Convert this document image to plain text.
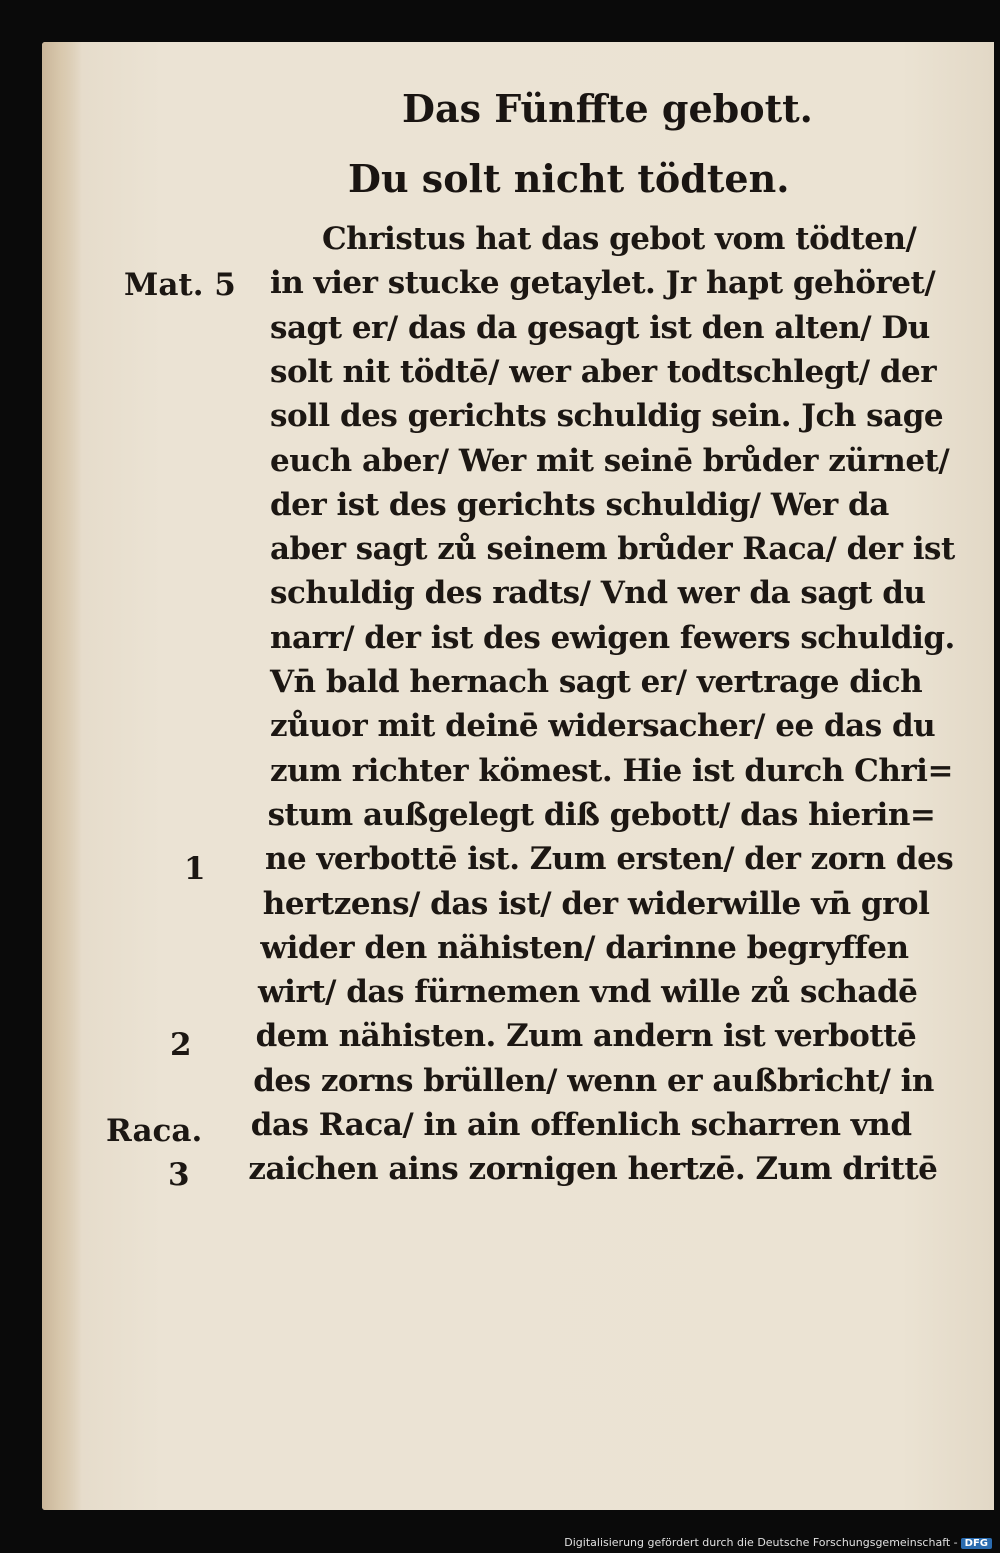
Das Fünffte gebott.
Du solt nicht tödten.
Christus hat das gebot vom tödten/
in vier stucke getaylet. Jr hapt gehöret/
sagt er/ das da gesagt ist den alten/ Du
solt nit tödtē/ wer aber todtschlegt/ der
soll des gerichts schuldig sein. Jch sage
euch aber/ Wer mit seinē brůder zürnet/
der ist des gerichts schuldig/ Wer da
aber sagt zů seinem brůder Raca/ der ist
schuldig des radts/ Vnd wer da sagt du
narr/ der ist des ewigen fewers schuldig.
Vn̄ bald hernach sagt er/ vertrage dich
zůuor mit deinē widersacher/ ee das du
zum richter kömest. Hie ist durch Chri=
stum außgelegt diß gebott/ das hierin=
ne verbottē ist. Zum ersten/ der zorn des
hertzens/ das ist/ der widerwille vn̄ grol
wider den nähisten/ darinne begryffen
wirt/ das fürnemen vnd wille zů schadē
dem nähisten. Zum andern ist verbottē
des zorns brüllen/ wenn er außbricht/ in
das Raca/ in ain offenlich scharren vnd
zaichen ains zornigen hertzē. Zum drittē
Mat. 5
1
2
Raca.
3
Digitalisierung gefördert durch die Deutsche Forschungsgemeinschaft - DFG
